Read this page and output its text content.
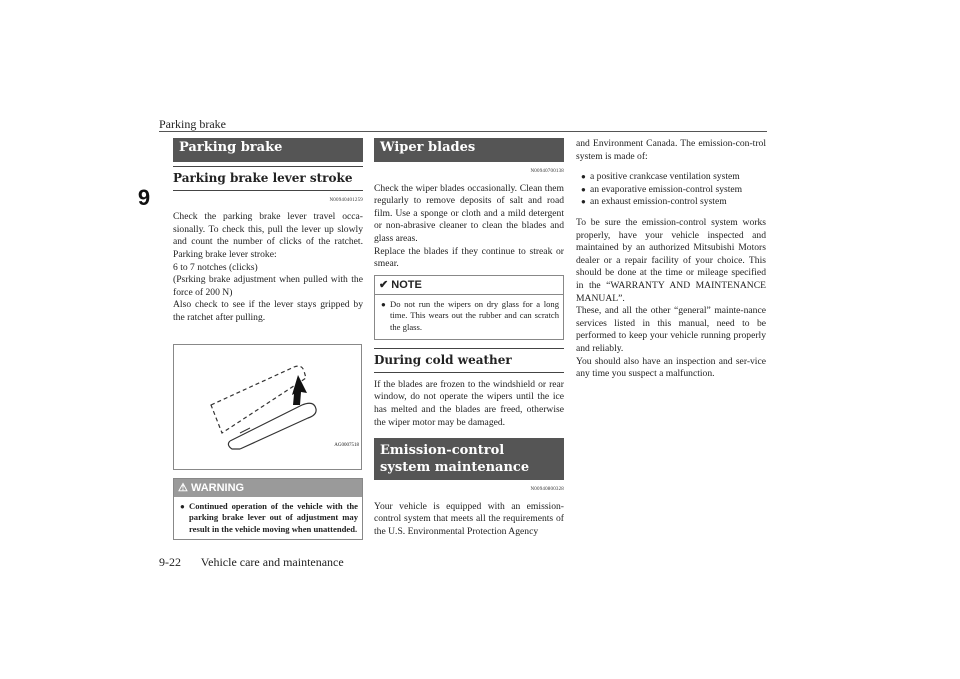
Parking brake
9
Parking brake
Parking brake lever stroke
N00940401259

Check the parking brake lever travel occa-sionally. To check this, pull the lever up slowly and count the number of clicks of the ratchet. Parking brake lever stroke:

6 to 7 notches (clicks)

(Psrking brake adjustment when pulled with the force of 200 N)

Also check to see if the lever stays gripped by the ratchet after pulling.

AG0007518
⚠ WARNING
● Continued operation of the vehicle with the parking brake lever out of adjustment may result in the vehicle moving when unattended.
Wiper blades
N00940700138

Check the wiper blades occasionally. Clean them regularly to remove deposits of salt and road film. Use a sponge or cloth and a mild detergent or non-abrasive cleaner to clean the blades and glass areas.

Replace the blades if they continue to streak or smear.

✔ NOTE
● Do not run the wipers on dry glass for a long time. This wears out the rubber and can scratch the glass.
During cold weather

If the blades are frozen to the windshield or rear window, do not operate the wipers until the ice has melted and the blades are freed, otherwise the wiper motor may be damaged.

Emission-control system maintenance
N00940800328

Your vehicle is equipped with an emission-control system that meets all the requirements of the U.S. Environmental Protection Agency

and Environment Canada. The emission-con-trol system is made of:

● a positive crankcase ventilation system
● an evaporative emission-control system
● an exhaust emission-control system

To be sure the emission-control system works properly, have your vehicle inspected and maintained by an authorized Mitsubishi Motors dealer or a repair facility of your choice. This should be done at the time or mileage specified in the “WARRANTY AND MAINTENANCE MANUAL”.

These, and all the other “general” mainte-nance services listed in this manual, need to be performed to keep your vehicle running properly and reliably.

You should also have an inspection and ser-vice any time you suspect a malfunction.

9-22 Vehicle care and maintenance
